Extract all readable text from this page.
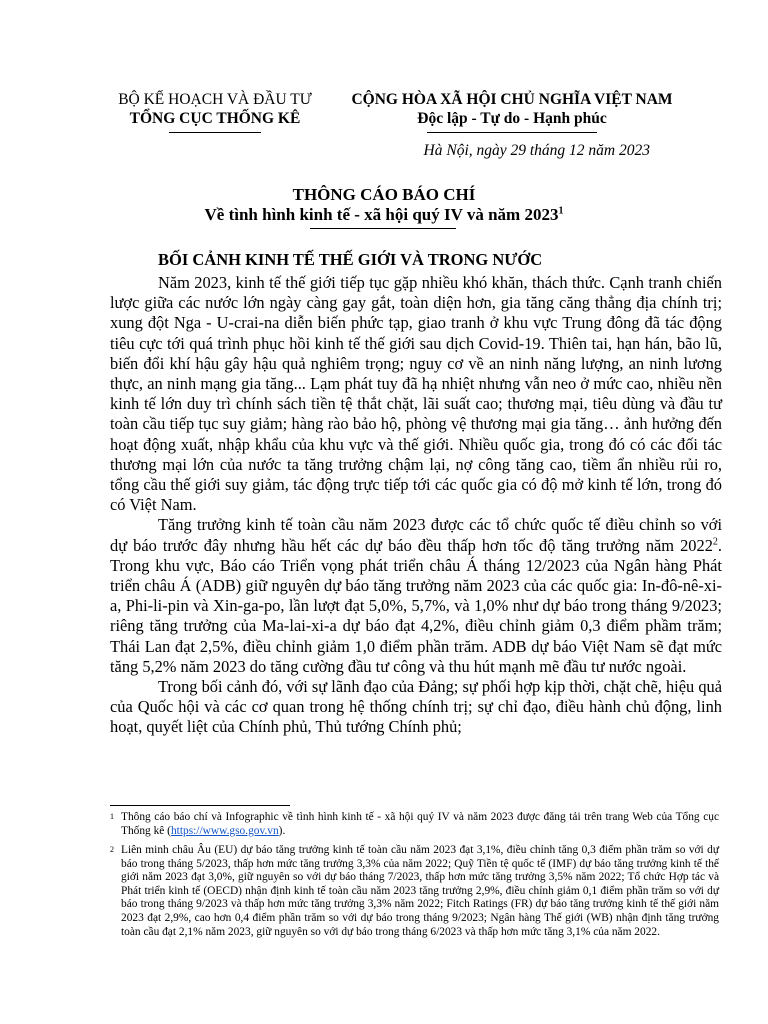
BỘ KẾ HOẠCH VÀ ĐẦU TƯ
TỔNG CỤC THỐNG KÊ
CỘNG HÒA XÃ HỘI CHỦ NGHĨA VIỆT NAM
Độc lập - Tự do - Hạnh phúc
Hà Nội, ngày 29 tháng 12 năm 2023
THÔNG CÁO BÁO CHÍ
Về tình hình kinh tế - xã hội quý IV và năm 2023$^1$
BỐI CẢNH KINH TẾ THẾ GIỚI VÀ TRONG NƯỚC

Năm 2023, kinh tế thế giới tiếp tục gặp nhiều khó khăn, thách thức. Cạnh tranh chiến lược giữa các nước lớn ngày càng gay gắt, toàn diện hơn, gia tăng căng thẳng địa chính trị; xung đột Nga - U-crai-na diễn biến phức tạp, giao tranh ở khu vực Trung đông đã tác động tiêu cực tới quá trình phục hồi kinh tế thế giới sau dịch Covid-19. Thiên tai, hạn hán, bão lũ, biến đổi khí hậu gây hậu quả nghiêm trọng; nguy cơ về an ninh năng lượng, an ninh lương thực, an ninh mạng gia tăng... Lạm phát tuy đã hạ nhiệt nhưng vẫn neo ở mức cao, nhiều nền kinh tế lớn duy trì chính sách tiền tệ thắt chặt, lãi suất cao; thương mại, tiêu dùng và đầu tư toàn cầu tiếp tục suy giảm; hàng rào bảo hộ, phòng vệ thương mại gia tăng… ảnh hưởng đến hoạt động xuất, nhập khẩu của khu vực và thế giới. Nhiều quốc gia, trong đó có các đối tác thương mại lớn của nước ta tăng trưởng chậm lại, nợ công tăng cao, tiềm ẩn nhiều rủi ro, tổng cầu thế giới suy giảm, tác động trực tiếp tới các quốc gia có độ mở kinh tế lớn, trong đó có Việt Nam.

Tăng trưởng kinh tế toàn cầu năm 2023 được các tổ chức quốc tế điều chỉnh so với dự báo trước đây nhưng hầu hết các dự báo đều thấp hơn tốc độ tăng trưởng năm 2022$^2$. Trong khu vực, Báo cáo Triển vọng phát triển châu Á tháng 12/2023 của Ngân hàng Phát triển châu Á (ADB) giữ nguyên dự báo tăng trưởng năm 2023 của các quốc gia: In-đô-nê-xi-a, Phi-li-pin và Xin-ga-po, lần lượt đạt 5,0%, 5,7%, và 1,0% như dự báo trong tháng 9/2023; riêng tăng trưởng của Ma-lai-xi-a dự báo đạt 4,2%, điều chỉnh giảm 0,3 điểm phầm trăm; Thái Lan đạt 2,5%, điều chỉnh giảm 1,0 điểm phần trăm. ADB dự báo Việt Nam sẽ đạt mức tăng 5,2% năm 2023 do tăng cường đầu tư công và thu hút mạnh mẽ đầu tư nước ngoài.

Trong bối cảnh đó, với sự lãnh đạo của Đảng; sự phối hợp kịp thời, chặt chẽ, hiệu quả của Quốc hội và các cơ quan trong hệ thống chính trị; sự chỉ đạo, điều hành chủ động, linh hoạt, quyết liệt của Chính phủ, Thủ tướng Chính phủ;

1 Thông cáo báo chí và Infographic về tình hình kinh tế - xã hội quý IV và năm 2023 được đăng tải trên trang Web của Tổng cục Thống kê (https://www.gso.gov.vn).
2 Liên minh châu Âu (EU) dự báo tăng trưởng kinh tế toàn cầu năm 2023 đạt 3,1%, điều chỉnh tăng 0,3 điểm phần trăm so với dự báo trong tháng 5/2023, thấp hơn mức tăng trưởng 3,3% của năm 2022; Quỹ Tiền tệ quốc tế (IMF) dự báo tăng trưởng kinh tế thế giới năm 2023 đạt 3,0%, giữ nguyên so với dự báo tháng 7/2023, thấp hơn mức tăng trưởng 3,5% năm 2022; Tổ chức Hợp tác và Phát triển kinh tế (OECD) nhận định kinh tế toàn cầu năm 2023 tăng trưởng 2,9%, điều chỉnh giảm 0,1 điểm phần trăm so với dự báo trong tháng 9/2023 và thấp hơn mức tăng trưởng 3,3% năm 2022; Fitch Ratings (FR) dự báo tăng trưởng kinh tế thế giới năm 2023 đạt 2,9%, cao hơn 0,4 điểm phần trăm so với dự báo trong tháng 9/2023; Ngân hàng Thế giới (WB) nhận định tăng trưởng toàn cầu đạt 2,1% năm 2023, giữ nguyên so với dự báo trong tháng 6/2023 và thấp hơn mức tăng 3,1% của năm 2022.
